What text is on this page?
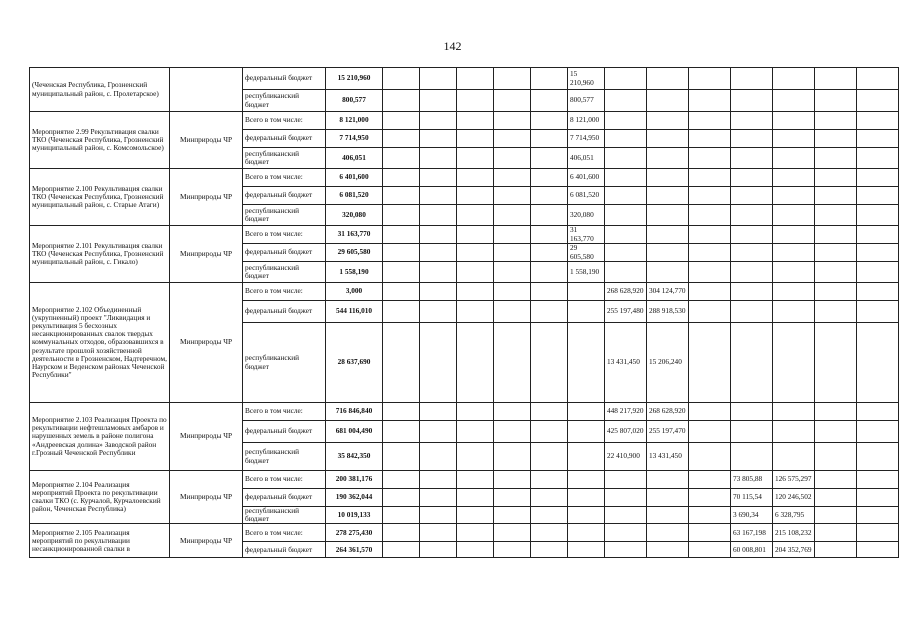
142
(Чеченская Республика, Грозненский муниципальный район, с. Пролетарское)		федеральный бюджет	15 210,960						15 210,960							
		республиканский бюджет	800,577						800,577							
Мероприятие 2.99 Рекультивация свалки ТКО (Чеченская Республика, Грозненский муниципальный район, с. Комсомольское)	Минприроды ЧР	Всего в том числе:	8 121,000						8 121,000							
		федеральный бюджет	7 714,950						7 714,950							
		республиканский бюджет	406,051						406,051							
Мероприятие 2.100 Рекультивация свалки ТКО (Чеченская Республика, Грозненский муниципальный район, с. Старые Атаги)	Минприроды ЧР	Всего в том числе:	6 401,600						6 401,600							
		федеральный бюджет	6 081,520						6 081,520							
		республиканский бюджет	320,080						320,080							
Мероприятие 2.101 Рекультивация свалки ТКО (Чеченская Республика, Грозненский муниципальный район, с. Гикало)	Минприроды ЧР	Всего в том числе:	31 163,770						31 163,770							
		федеральный бюджет	29 605,580						29 605,580							
		республиканский бюджет	1 558,190						1 558,190							
Мероприятие 2.102 Объединенный (укрупненный) проект "Ликвидация и рекультивация 5 бесхозных несанкционированных свалок твердых коммунальных отходов, образовавшихся в результате прошлой хозяйственной деятельности в Грозненском, Надтеречном, Наурском и Веденском районах Чеченской Республики"	Минприроды ЧР	Всего в том числе:	3,000							268 628,920	304 124,770					
		федеральный бюджет	544 116,010							255 197,480	288 918,530					
		республиканский бюджет	28 637,690							13 431,450	15 206,240					
Мероприятие 2.103 Реализация Проекта по рекультивации нефтешламовых амбаров и нарушенных земель в районе полигона «Андреевская долина» Заводской район г.Грозный Чеченской Республики	Минприроды ЧР	Всего в том числе:	716 846,840							448 217,920	268 628,920					
		федеральный бюджет	681 004,490							425 807,020	255 197,470					
		республиканский бюджет	35 842,350							22 410,900	13 431,450					
Мероприятие 2.104 Реализация мероприятий Проекта по рекультивации свалки ТКО (с. Курчалой, Курчалоевский район, Чеченская Республика)	Минприроды ЧР	Всего в том числе:	200 381,176										73 805,88	126 575,297		
		федеральный бюджет	190 362,044										70 115,54	120 246,502		
		республиканский бюджет	10 019,133										3 690,34	6 328,795		
Мероприятие 2.105 Реализация мероприятий по рекультивации несанкционированной свалки в	Минприроды ЧР	Всего в том числе:	278 275,430										63 167,198	215 108,232		
		федеральный бюджет	264 361,570										60 008,801	204 352,769		
